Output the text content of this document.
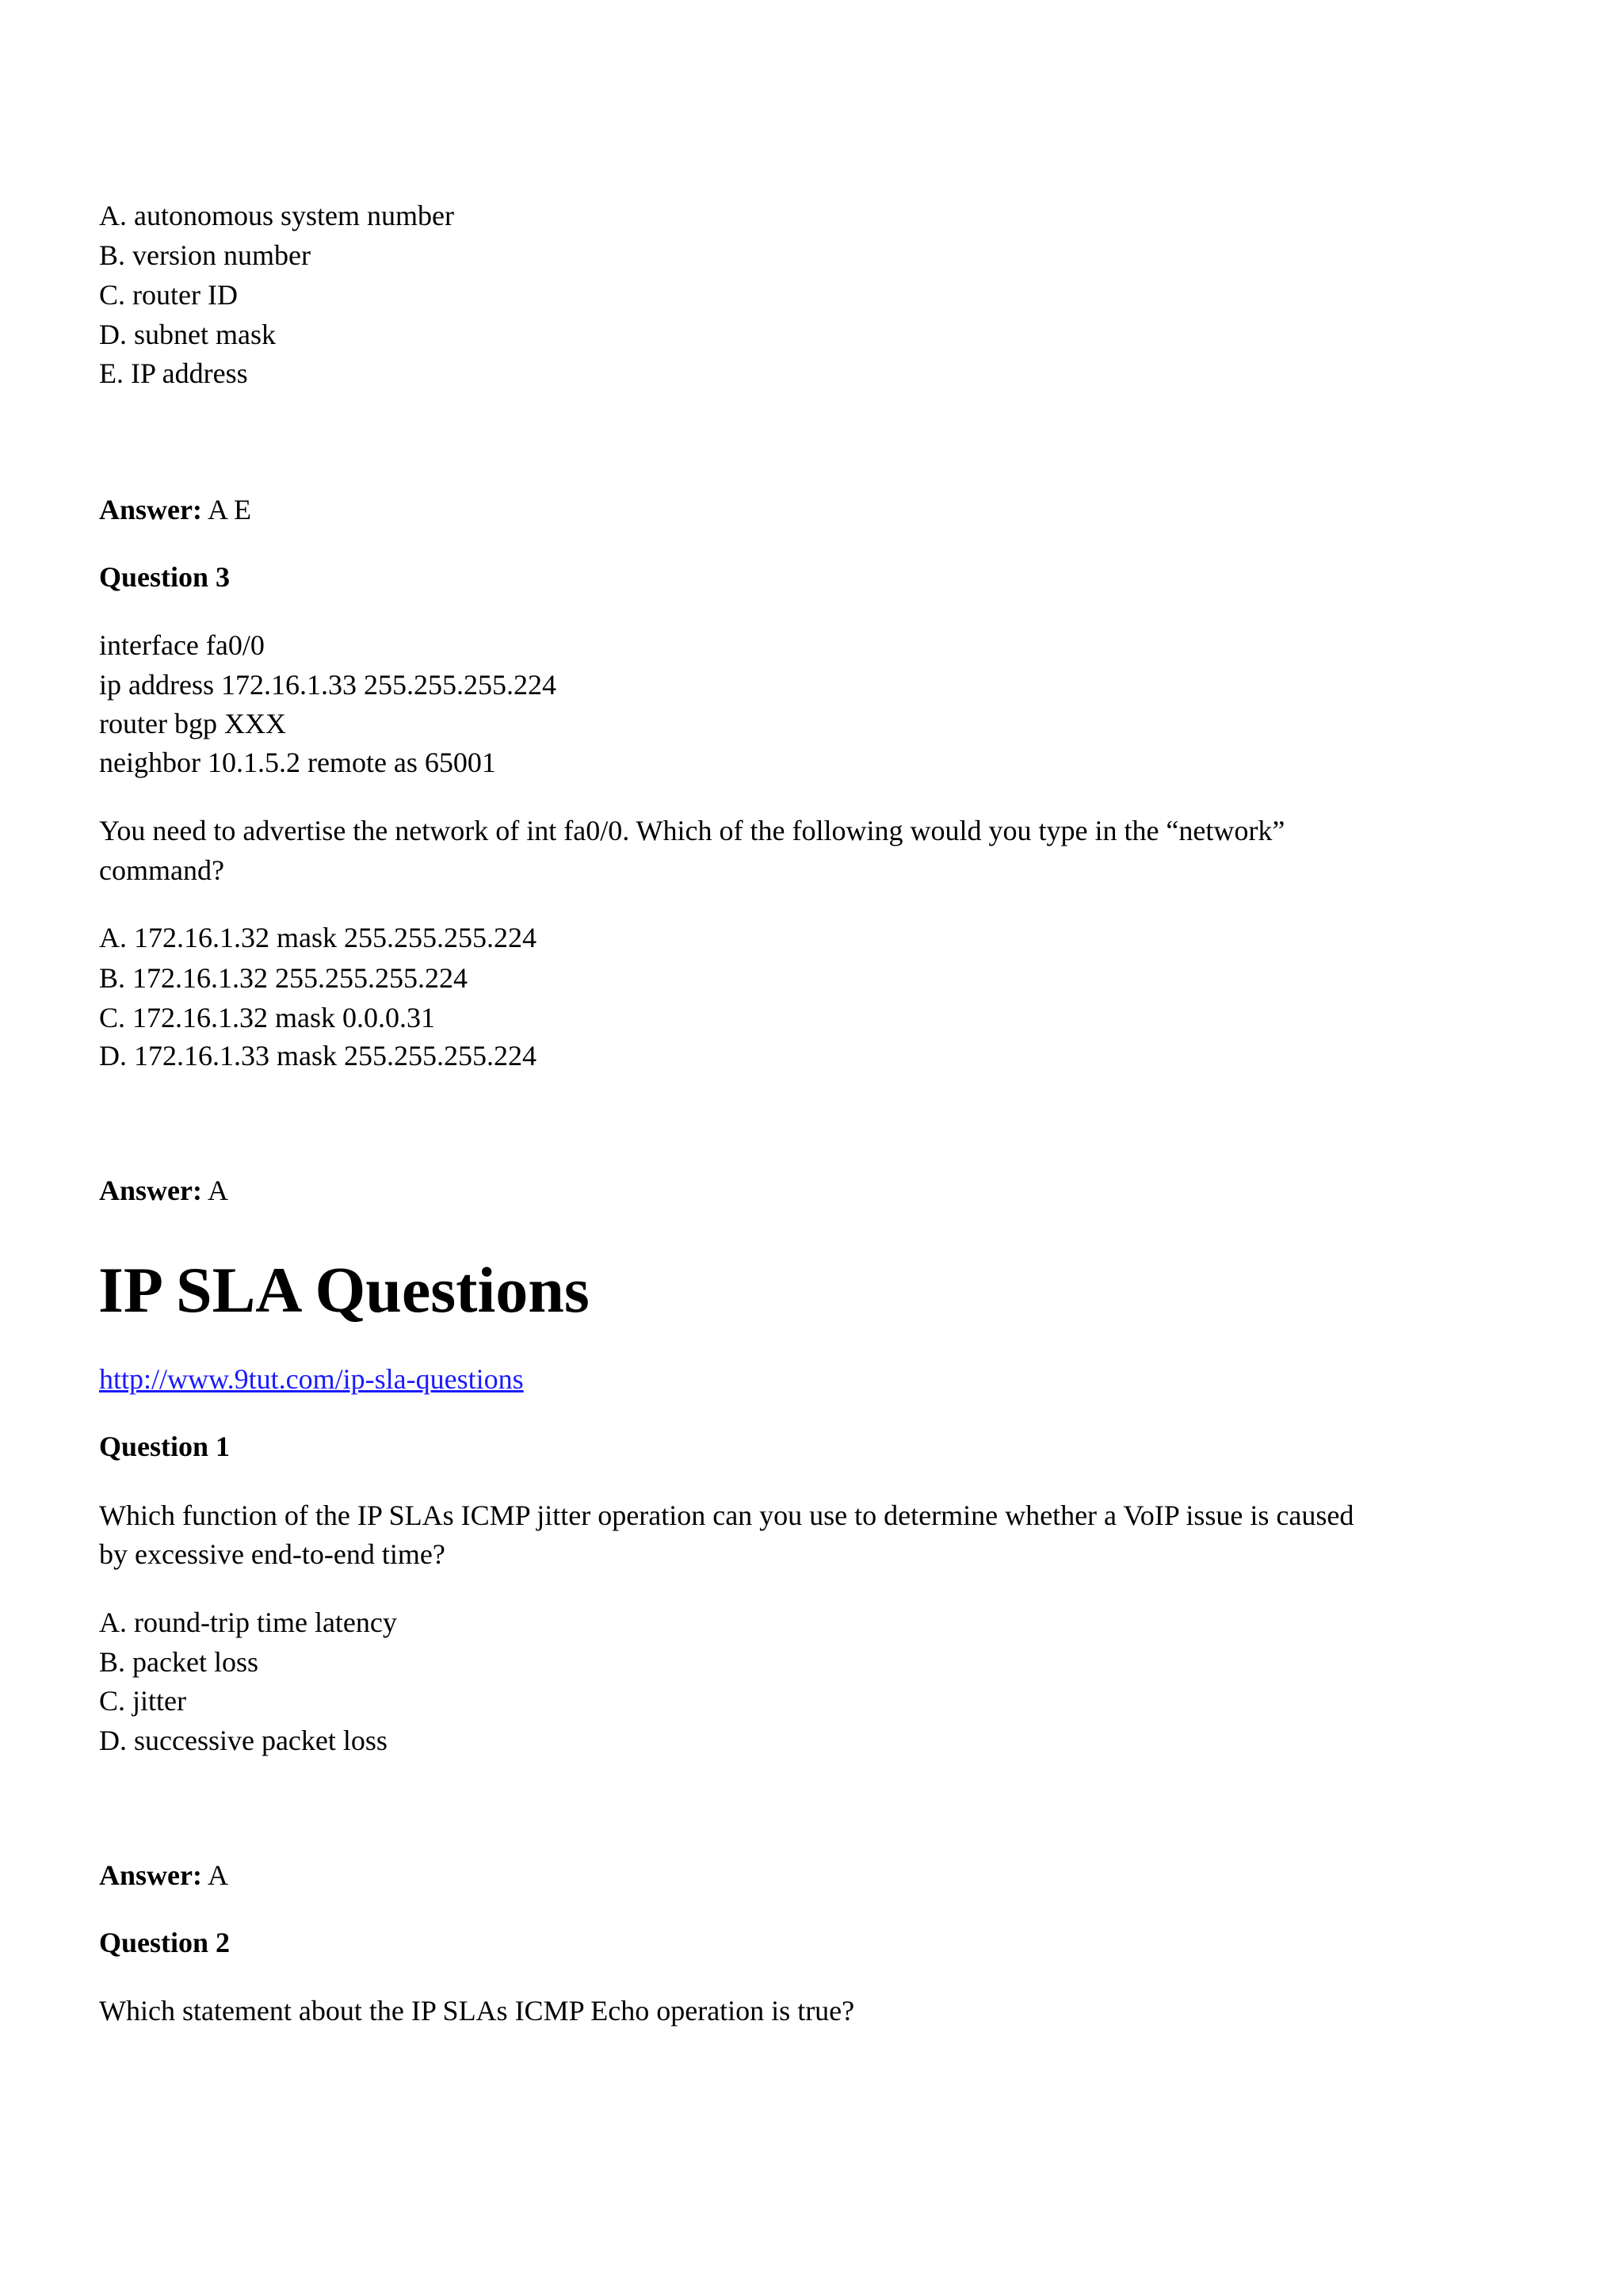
A. autonomous system number
B. version number
C. router ID
D. subnet mask
E. IP address
Answer: A E
Question 3
interface fa0/0
ip address 172.16.1.33 255.255.255.224
router bgp XXX
neighbor 10.1.5.2 remote as 65001
You need to advertise the network of int fa0/0. Which of the following would you type in the “network”
command?
A. 172.16.1.32 mask 255.255.255.224
B. 172.16.1.32 255.255.255.224
C. 172.16.1.32 mask 0.0.0.31
D. 172.16.1.33 mask 255.255.255.224
Answer: A
IP SLA Questions
http://www.9tut.com/ip-sla-questions
Question 1
Which function of the IP SLAs ICMP jitter operation can you use to determine whether a VoIP issue is caused
by excessive end-to-end time?
A. round-trip time latency
B. packet loss
C. jitter
D. successive packet loss
Answer: A
Question 2
Which statement about the IP SLAs ICMP Echo operation is true?
